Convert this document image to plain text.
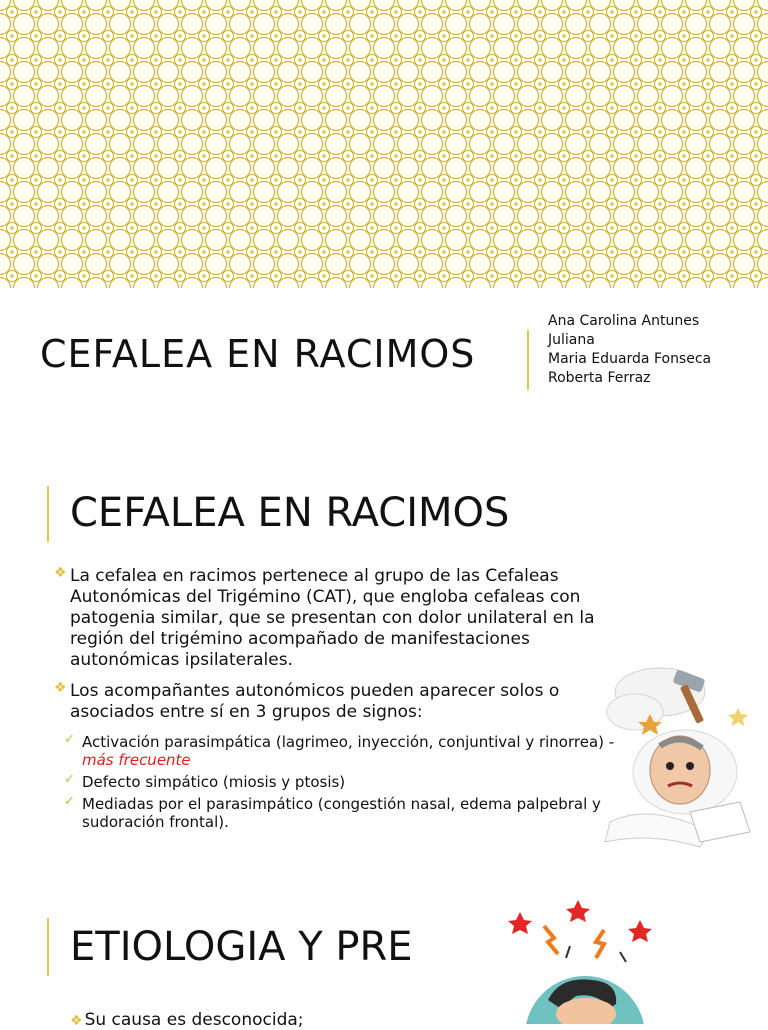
CEFALEA EN RACIMOS
Ana Carolina Antunes
Juliana
Maria Eduarda Fonseca
Roberta Ferraz
CEFALEA EN RACIMOS
❖ La cefalea en racimos pertenece al grupo de las Cefaleas Autonómicas del Trigémino (CAT), que engloba cefaleas con patogenia similar, que se presentan con dolor unilateral en la región del trigémino acompañado de manifestaciones autonómicas ipsilaterales.
❖ Los acompañantes autonómicos pueden aparecer solos o asociados entre sí en 3 grupos de signos:
✓ Activación parasimpática (lagrimeo, inyección, conjuntival y rinorrea) - más frecuente
✓ Defecto simpático (miosis y ptosis)
✓ Mediadas por el parasimpático (congestión nasal, edema palpebral y sudoración frontal).
ETIOLOGIA Y PRE
❖ Su causa es desconocida;
